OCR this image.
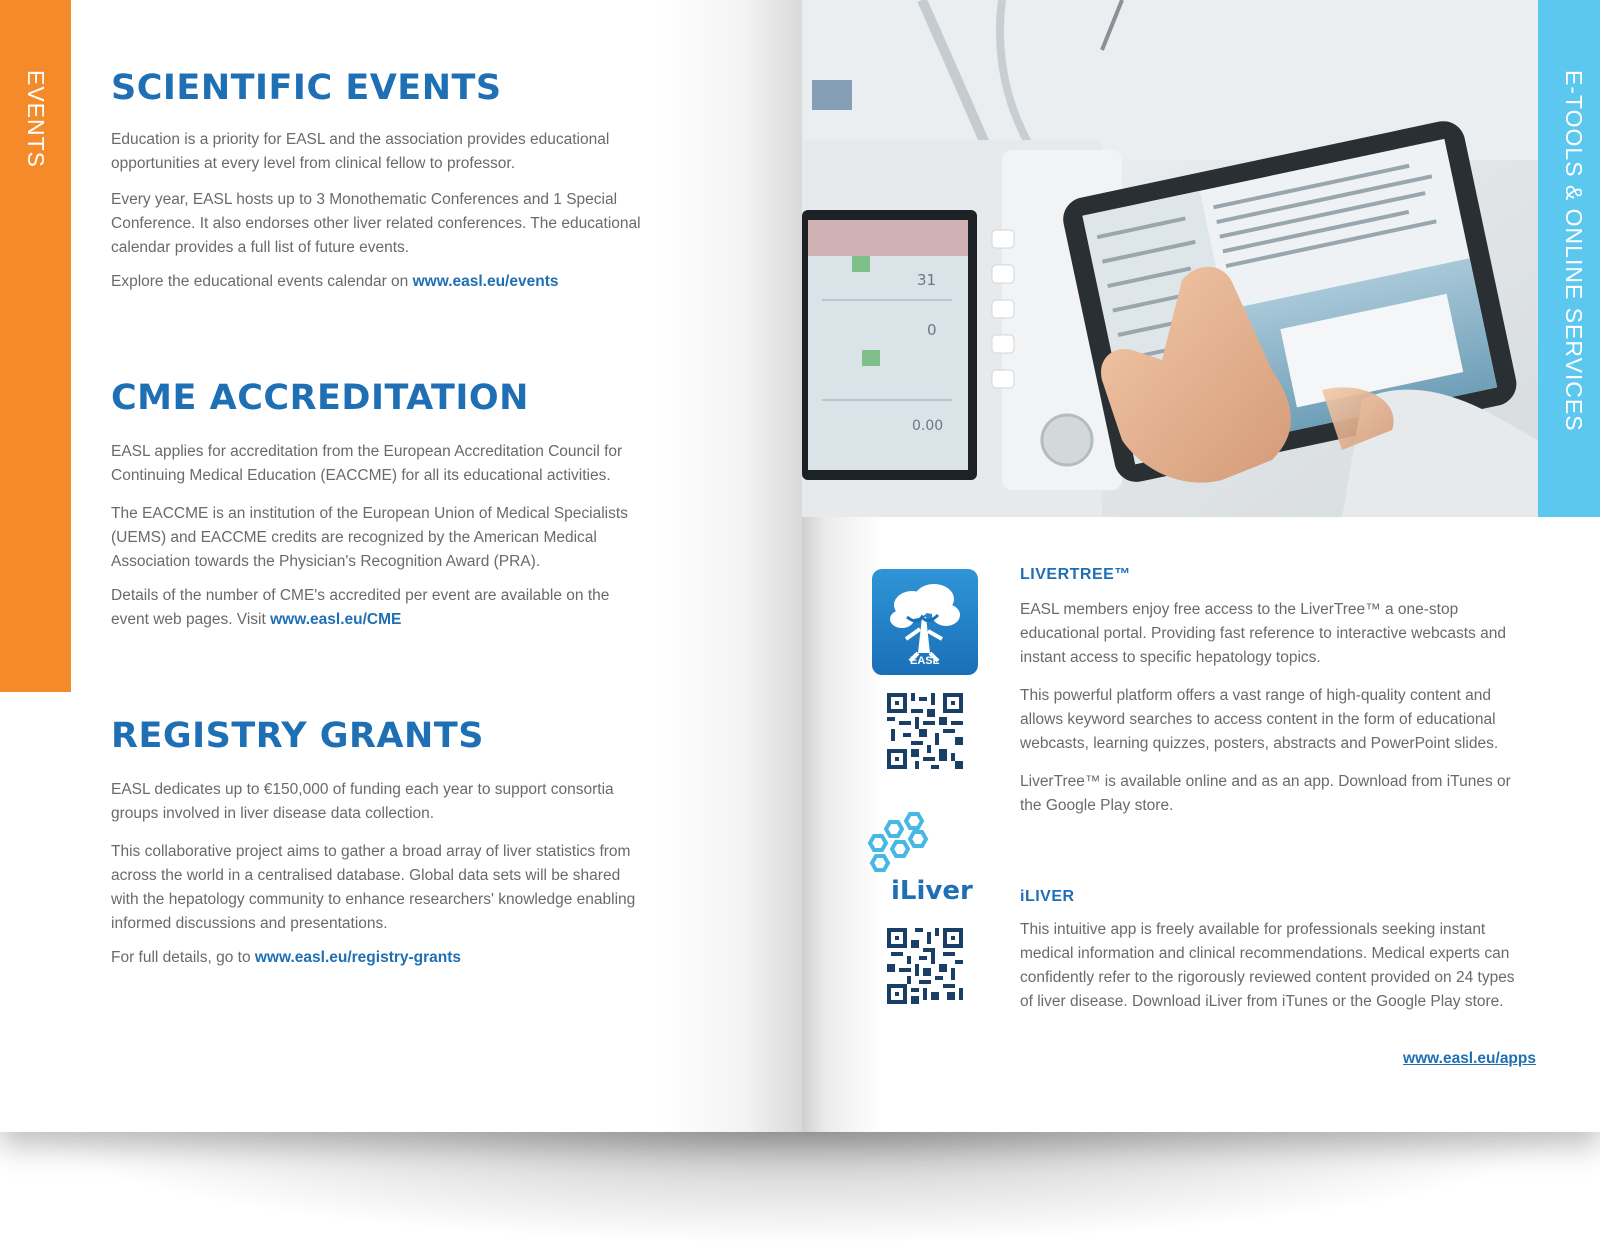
EVENTS SCIENTIFIC EVENTS

Education is a priority for EASL and the association provides educational opportunities at every level from clinical fellow to professor.

Every year, EASL hosts up to 3 Monothematic Conferences and 1 Special Conference. It also endorses other liver related conferences. The educational calendar provides a full list of future events.

Explore the educational events calendar on www.easl.eu/events

CME ACCREDITATION

EASL applies for accreditation from the European Accreditation Council for Continuing Medical Education (EACCME) for all its educational activities.

The EACCME is an institution of the European Union of Medical Specialists (UEMS) and EACCME credits are recognized by the American Medical Association towards the Physician's Recognition Award (PRA).

Details of the number of CME's accredited per event are available on the event web pages. Visit www.easl.eu/CME

REGISTRY GRANTS

EASL dedicates up to €150,000 of funding each year to support consortia groups involved in liver disease data collection.

This collaborative project aims to gather a broad array of liver statistics from across the world in a centralised database. Global data sets will be shared with the hepatology community to enhance researchers' knowledge enabling informed discussions and presentations.

For full details, go to www.easl.eu/registry-grants

31
0
0.00	E-TOOLS & ONLINE SERVICES
EASL
iLiver
LIVERTREE™

EASL members enjoy free access to the LiverTree™ a one-stop educational portal. Providing fast reference to interactive webcasts and instant access to specific hepatology topics.

This powerful platform offers a vast range of high-quality content and allows keyword searches to access content in the form of educational webcasts, learning quizzes, posters, abstracts and PowerPoint slides.

LiverTree™ is available online and as an app. Download from iTunes or the Google Play store.

iLIVER

This intuitive app is freely available for professionals seeking instant medical information and clinical recommendations. Medical experts can confidently refer to the rigorously reviewed content provided on 24 types of liver disease. Download iLiver from iTunes or the Google Play store.

www.easl.eu/apps
